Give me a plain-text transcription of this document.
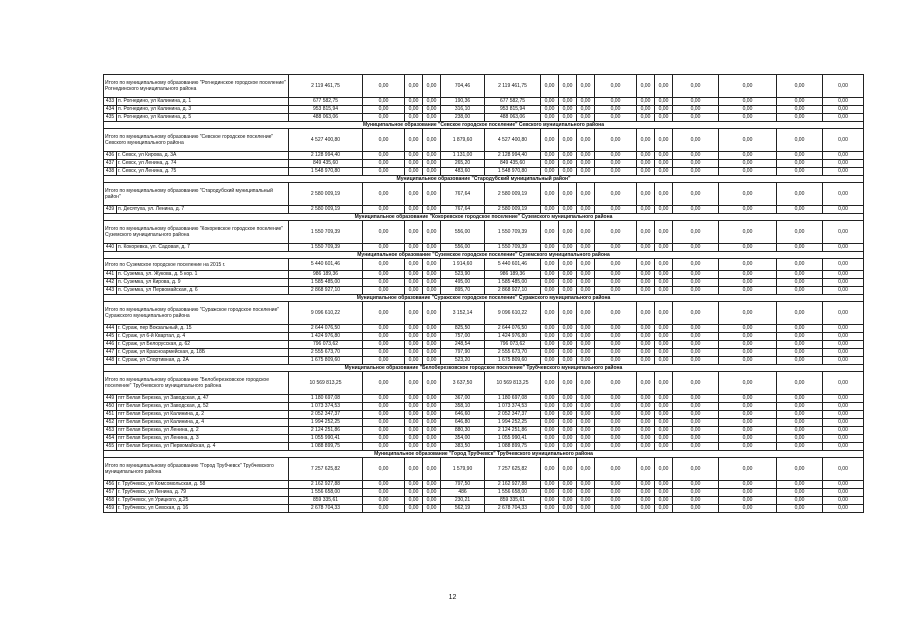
Итого по муниципальному образованию "Рогнединское городское поселение" Рогнединского муниципального района		2 119 461,75	0,00	0,00	0,00	704,46	2 119 461,75	0,00	0,00	0,00	0,00	0,00	0,00	0,00	0,00	0,00	0,00
433	п. Рогнедино, ул Калинина, д. 1	677 582,75	0,00	0,00	0,00	190,36	677 582,75	0,00	0,00	0,00	0,00	0,00	0,00	0,00	0,00	0,00	0,00
434	п. Рогнедино, ул Калинина, д. 3	953 815,94	0,00	0,00	0,00	316,10	953 815,94	0,00	0,00	0,00	0,00	0,00	0,00	0,00	0,00	0,00	0,00
435	п. Рогнедино, ул Калинина, д. 5	488 063,06	0,00	0,00	0,00	238,00	488 063,06	0,00	0,00	0,00	0,00	0,00	0,00	0,00	0,00	0,00	0,00
Муниципальное образование "Севское городское поселение" Севского муниципального района																	
Итого по муниципальному образованию "Севское городское поселение" Севского муниципального района		4 527 400,80	0,00	0,00	0,00	1 879,60	4 527 400,80	0,00	0,00	0,00	0,00	0,00	0,00	0,00	0,00	0,00	0,00
436	г. Севск, ул Кирова, д. 3А	2 128 994,40	0,00	0,00	0,00	1 131,00	2 128 994,40	0,00	0,00	0,00	0,00	0,00	0,00	0,00	0,00	0,00	0,00
437	г. Севск, ул Ленина, д. 74	849 435,60	0,00	0,00	0,00	265,20	849 435,60	0,00	0,00	0,00	0,00	0,00	0,00	0,00	0,00	0,00	0,00
438	г. Севск, ул Ленина, д. 75	1 548 970,80	0,00	0,00	0,00	483,60	1 548 970,80	0,00	0,00	0,00	0,00	0,00	0,00	0,00	0,00	0,00	0,00
Муниципальное образование "Стародубский муниципальный район"																	
Итого по муниципальному образованию "Стародубский муниципальный район"		2 580 009,19	0,00	0,00	0,00	767,64	2 580 009,19	0,00	0,00	0,00	0,00	0,00	0,00	0,00	0,00	0,00	0,00
439	п. Десятуха, ул. Ленина, д. 7	2 580 009,19	0,00	0,00	0,00	767,64	2 580 009,19	0,00	0,00	0,00	0,00	0,00	0,00	0,00	0,00	0,00	0,00
Муниципальное образование "Кокоревское городское поселение" Суземского муниципального района																	
Итого по муниципальному образованию "Кокоревское городское поселение" Суземского муниципального района		1 550 709,39	0,00	0,00	0,00	556,00	1 550 709,39	0,00	0,00	0,00	0,00	0,00	0,00	0,00	0,00	0,00	0,00
440	п. Кокоревка, ул. Садовая, д. 7	1 550 709,39	0,00	0,00	0,00	556,00	1 550 709,39	0,00	0,00	0,00	0,00	0,00	0,00	0,00	0,00	0,00	0,00
Муниципальное образование "Суземское городское поселение" Суземского муниципального района																	
Итого по Суземское городское поселение на 2015 г.		5 440 601,46	0,00	0,00	0,00	1 914,60	5 440 601,46	0,00	0,00	0,00	0,00	0,00	0,00	0,00	0,00	0,00	0,00
441	п. Суземка, ул. Жукова, д. 5 кор. 1	986 189,36	0,00	0,00	0,00	523,90	986 189,36	0,00	0,00	0,00	0,00	0,00	0,00	0,00	0,00	0,00	0,00
442	п. Суземка, ул Кирова, д. 9	1 585 485,00	0,00	0,00	0,00	495,00	1 585 485,00	0,00	0,00	0,00	0,00	0,00	0,00	0,00	0,00	0,00	0,00
443	п. Суземка, ул Первомайская, д. 6	2 868 927,10	0,00	0,00	0,00	895,70	2 868 927,10	0,00	0,00	0,00	0,00	0,00	0,00	0,00	0,00	0,00	0,00
Муниципальное образование "Суражское городское поселение" Суражского муниципального района																	
Итого по муниципальному образованию "Суражское городское поселение" Суражского муниципального района		9 096 610,22	0,00	0,00	0,00	3 152,14	9 096 610,22	0,00	0,00	0,00	0,00	0,00	0,00	0,00	0,00	0,00	0,00
444	г. Сураж, пер Вокзальный, д. 15	2 644 076,50	0,00	0,00	0,00	825,50	2 644 076,50	0,00	0,00	0,00	0,00	0,00	0,00	0,00	0,00	0,00	0,00
445	г. Сураж, ул 6-й Квартал, д. 4	1 424 976,80	0,00	0,00	0,00	757,00	1 424 976,80	0,00	0,00	0,00	0,00	0,00	0,00	0,00	0,00	0,00	0,00
446	г. Сураж, ул Белорусская, д. 62	796 073,62	0,00	0,00	0,00	248,54	796 073,62	0,00	0,00	0,00	0,00	0,00	0,00	0,00	0,00	0,00	0,00
447	г. Сураж, ул Красноармейская, д. 18Б	2 555 673,70	0,00	0,00	0,00	797,90	2 555 673,70	0,00	0,00	0,00	0,00	0,00	0,00	0,00	0,00	0,00	0,00
448	г. Сураж, ул Спортивная, д. 2А	1 675 809,60	0,00	0,00	0,00	523,20	1 675 809,60	0,00	0,00	0,00	0,00	0,00	0,00	0,00	0,00	0,00	0,00
Муниципальное образование "Белоберезковское городское поселение" Трубчевского муниципального района																	
Итого по муниципальному образованию "Белоберезковское городское поселение" Трубчевского муниципального района		10 569 813,25	0,00	0,00	0,00	3 637,50	10 569 813,25	0,00	0,00	0,00	0,00	0,00	0,00	0,00	0,00	0,00	0,00
449	пгт Белая Березка, ул Заводская, д. 47	1 180 697,08	0,00	0,00	0,00	367,00	1 180 697,08	0,00	0,00	0,00	0,00	0,00	0,00	0,00	0,00	0,00	0,00
450	пгт Белая Березка, ул Заводская, д. 52	1 073 374,53	0,00	0,00	0,00	358,10	1 073 374,53	0,00	0,00	0,00	0,00	0,00	0,00	0,00	0,00	0,00	0,00
451	пгт Белая Березка, ул Калинина, д. 2	2 052 347,37	0,00	0,00	0,00	646,60	2 052 347,37	0,00	0,00	0,00	0,00	0,00	0,00	0,00	0,00	0,00	0,00
452	пгт Белая Березка, ул Калинина, д. 4	1 994 252,25	0,00	0,00	0,00	646,80	1 994 252,25	0,00	0,00	0,00	0,00	0,00	0,00	0,00	0,00	0,00	0,00
453	пгт Белая Березка, ул Ленина, д. 2	2 124 251,86	0,00	0,00	0,00	880,30	2 124 251,86	0,00	0,00	0,00	0,00	0,00	0,00	0,00	0,00	0,00	0,00
454	пгт Белая Березка, ул Ленина, д. 3	1 055 990,41	0,00	0,00	0,00	354,00	1 055 990,41	0,00	0,00	0,00	0,00	0,00	0,00	0,00	0,00	0,00	0,00
455	пгт Белая Березка, ул Первомайская, д. 4	1 088 899,75	0,00	0,00	0,00	383,50	1 088 899,75	0,00	0,00	0,00	0,00	0,00	0,00	0,00	0,00	0,00	0,00
Муниципальное образование "Город Трубчевск" Трубчевского муниципального района																	
Итого по муниципальному образованию "Город Трубчевск" Трубчевского муниципального района		7 257 625,82	0,00	0,00	0,00	1 579,90	7 257 625,82	0,00	0,00	0,00	0,00	0,00	0,00	0,00	0,00	0,00	0,00
456	г. Трубчевск, ул Комсомольская, д. 58	2 162 927,88	0,00	0,00	0,00	797,50	2 162 927,88	0,00	0,00	0,00	0,00	0,00	0,00	0,00	0,00	0,00	0,00
457	г. Трубчевск, ул Ленина, д. 79	1 556 658,00	0,00	0,00	0,00	486	1 556 658,00	0,00	0,00	0,00	0,00	0,00	0,00	0,00	0,00	0,00	0,00
458	г. Трубчевск, ул Урицкого, д.25	859 335,61	0,00	0,00	0,00	230,21	859 335,61	0,00	0,00	0,00	0,00	0,00	0,00	0,00	0,00	0,00	0,00
459	г. Трубчевск, ул Севская, д. 16	2 678 704,33	0,00	0,00	0,00	562,19	2 678 704,33	0,00	0,00	0,00	0,00	0,00	0,00	0,00	0,00	0,00	0,00
12
